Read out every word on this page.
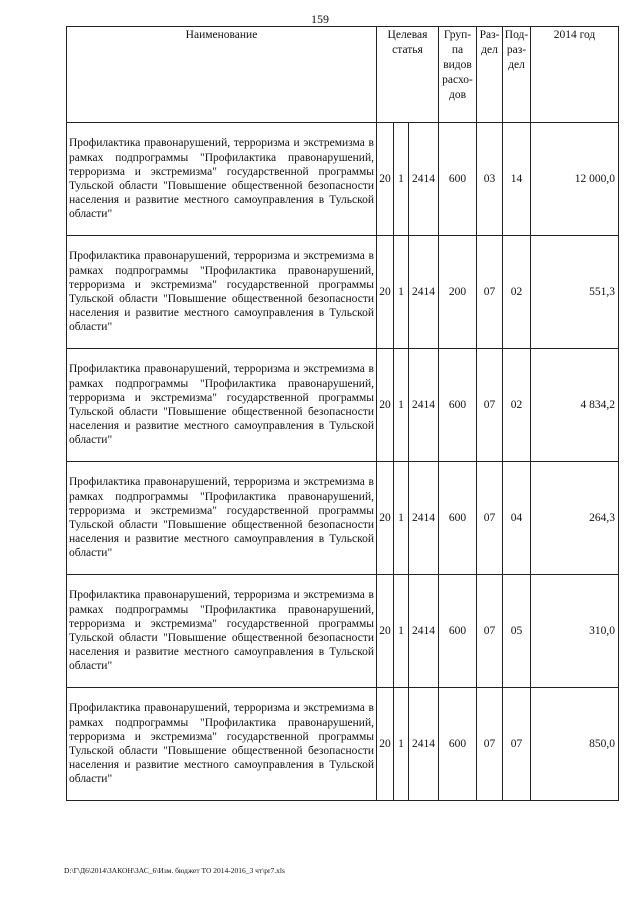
159
Наименование	Целевая статья			Груп-па видов расхо-дов	Раз-дел	Под-раз-дел	2014 год
Профилактика правонарушений, терроризма и экстремизма в рамках подпрограммы "Профилактика правонарушений, терроризма и экстремизма" государственной программы Тульской области "Повышение общественной безопасности населения и развитие местного самоуправления в Тульской области"	20	1	2414	600	03	14	12 000,0
Профилактика правонарушений, терроризма и экстремизма в рамках подпрограммы "Профилактика правонарушений, терроризма и экстремизма" государственной программы Тульской области "Повышение общественной безопасности населения и развитие местного самоуправления в Тульской области"	20	1	2414	200	07	02	551,3
Профилактика правонарушений, терроризма и экстремизма в рамках подпрограммы "Профилактика правонарушений, терроризма и экстремизма" государственной программы Тульской области "Повышение общественной безопасности населения и развитие местного самоуправления в Тульской области"	20	1	2414	600	07	02	4 834,2
Профилактика правонарушений, терроризма и экстремизма в рамках подпрограммы "Профилактика правонарушений, терроризма и экстремизма" государственной программы Тульской области "Повышение общественной безопасности населения и развитие местного самоуправления в Тульской области"	20	1	2414	600	07	04	264,3
Профилактика правонарушений, терроризма и экстремизма в рамках подпрограммы "Профилактика правонарушений, терроризма и экстремизма" государственной программы Тульской области "Повышение общественной безопасности населения и развитие местного самоуправления в Тульской области"	20	1	2414	600	07	05	310,0
Профилактика правонарушений, терроризма и экстремизма в рамках подпрограммы "Профилактика правонарушений, терроризма и экстремизма" государственной программы Тульской области "Повышение общественной безопасности населения и развитие местного самоуправления в Тульской области"	20	1	2414	600	07	07	850,0
D:\Г\Д6\2014\ЗАКОН\ЗАС_6\Изм. бюджет ТО 2014-2016_3 чт\pr7.xls
